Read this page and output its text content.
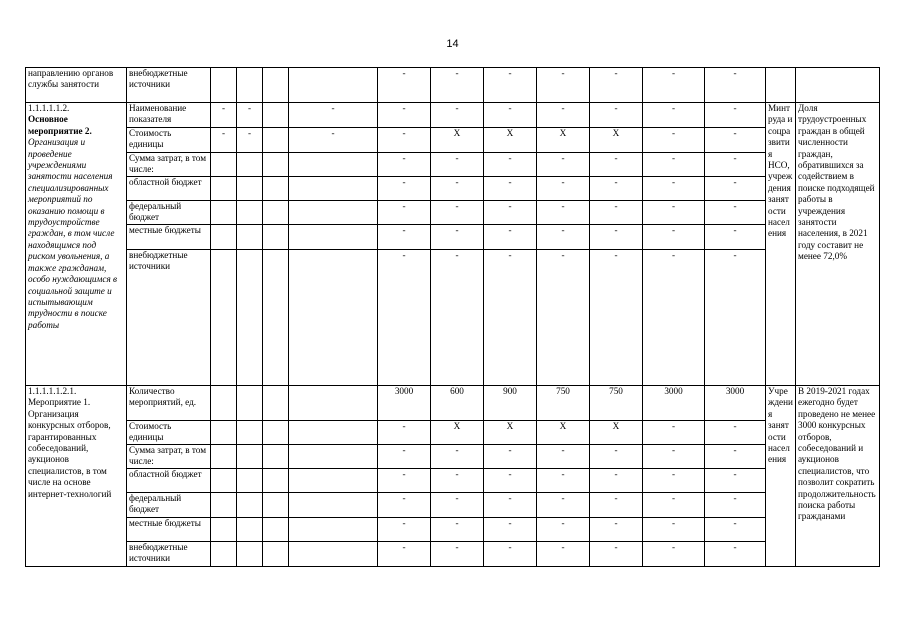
14
направлению органов службы занятости	внебюджетные источники					-	-	-	-	-	-	-		
1.1.1.1.1.2.
Основное мероприятие 2.
Организация и проведение учреждениями занятости населения специализированных мероприятий по оказанию помощи в трудоустройстве граждан, в том числе находящимся под риском увольнения, а также гражданам, особо нуждающимся в социальной защите и испытывающим трудности в поиске работы	Наименование показателя	-	-		-	-	-	-	-	-	-	-	Минтруда и соцразвития НСО, учреждения занятости населения	Доля трудоустроенных граждан в общей численности граждан, обратившихся за содействием в поиске подходящей работы в учреждения занятости населения, в 2021 году составит не менее 72,0%
	Стоимость единицы	-	-		-	-	X	X	X	X	-	-		
	Сумма затрат, в том числе:					-	-	-	-	-	-	-		
	областной бюджет					-	-	-	-	-	-	-		
	федеральный бюджет					-	-	-	-	-	-	-		
	местные бюджеты					-	-	-	-	-	-	-		
	внебюджетные источники					-	-	-	-	-	-	-		
1.1.1.1.1.2.1. Мероприятие 1. Организация конкурсных отборов, гарантированных собеседований, аукционов специалистов, в том числе на основе интернет-технологий	Количество мероприятий, ед.					3000	600	900	750	750	3000	3000	Учреждения занятости населения	В 2019-2021 годах ежегодно будет проведено не менее 3000 конкурсных отборов, собеседований и аукционов специалистов, что позволит сократить продолжительность поиска работы гражданами
	Стоимость единицы					-	X	X	X	X	-	-		
	Сумма затрат, в том числе:					-	-	-	-	-	-	-		
	областной бюджет					-	-	-	-	-	-	-		
	федеральный бюджет					-	-	-	-	-	-	-		
	местные бюджеты					-	-	-	-	-	-	-		
	внебюджетные источники					-	-	-	-	-	-	-		
